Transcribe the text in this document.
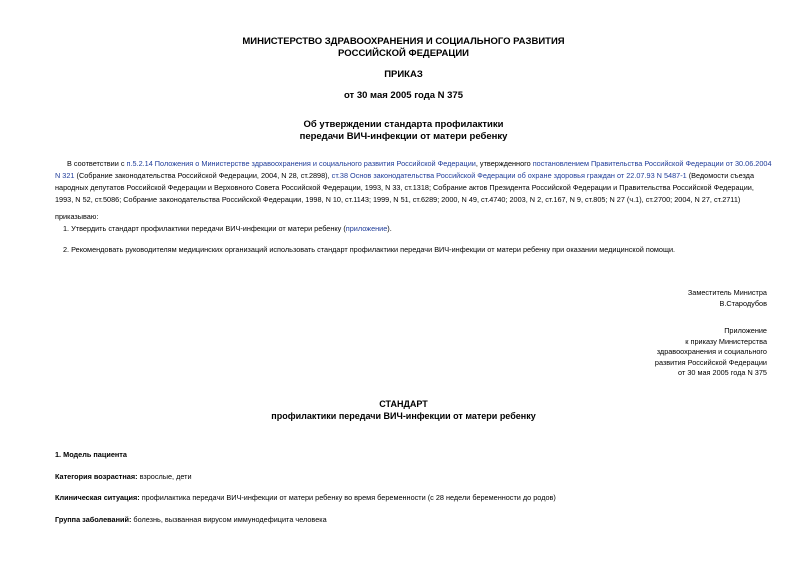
МИНИСТЕРСТВО ЗДРАВООХРАНЕНИЯ И СОЦИАЛЬНОГО РАЗВИТИЯ
РОССИЙСКОЙ ФЕДЕРАЦИИ
ПРИКАЗ
от 30 мая 2005 года N 375
Об утверждении стандарта профилактики
передачи ВИЧ-инфекции от матери ребенку
В соответствии с п.5.2.14 Положения о Министерстве здравоохранения и социального развития Российской Федерации, утвержденного постановлением Правительства Российской Федерации от 30.06.2004 N 321 (Собрание законодательства Российской Федерации, 2004, N 28, ст.2898), ст.38 Основ законодательства Российской Федерации об охране здоровья граждан от 22.07.93 N 5487-1 (Ведомости съезда народных депутатов Российской Федерации и Верховного Совета Российской Федерации, 1993, N 33, ст.1318; Собрание актов Президента Российской Федерации и Правительства Российской Федерации, 1993, N 52, ст.5086; Собрание законодательства Российской Федерации, 1998, N 10, ст.1143; 1999, N 51, ст.6289; 2000, N 49, ст.4740; 2003, N 2, ст.167, N 9, ст.805; N 27 (ч.1), ст.2700; 2004, N 27, ст.2711)
приказываю:
1. Утвердить стандарт профилактики передачи ВИЧ-инфекции от матери ребенку (приложение).
2. Рекомендовать руководителям медицинских организаций использовать стандарт профилактики передачи ВИЧ-инфекции от матери ребенку при оказании медицинской помощи.
Заместитель Министра
В.Стародубов
Приложение
к приказу Министерства
здравоохранения и социального
развития Российской Федерации
от 30 мая 2005 года N 375
СТАНДАРТ
профилактики передачи ВИЧ-инфекции от матери ребенку
1. Модель пациента
Категория возрастная: взрослые, дети
Клиническая ситуация: профилактика передачи ВИЧ-инфекции от матери ребенку во время беременности (с 28 недели беременности до родов)
Группа заболеваний: болезнь, вызванная вирусом иммунодефицита человека
